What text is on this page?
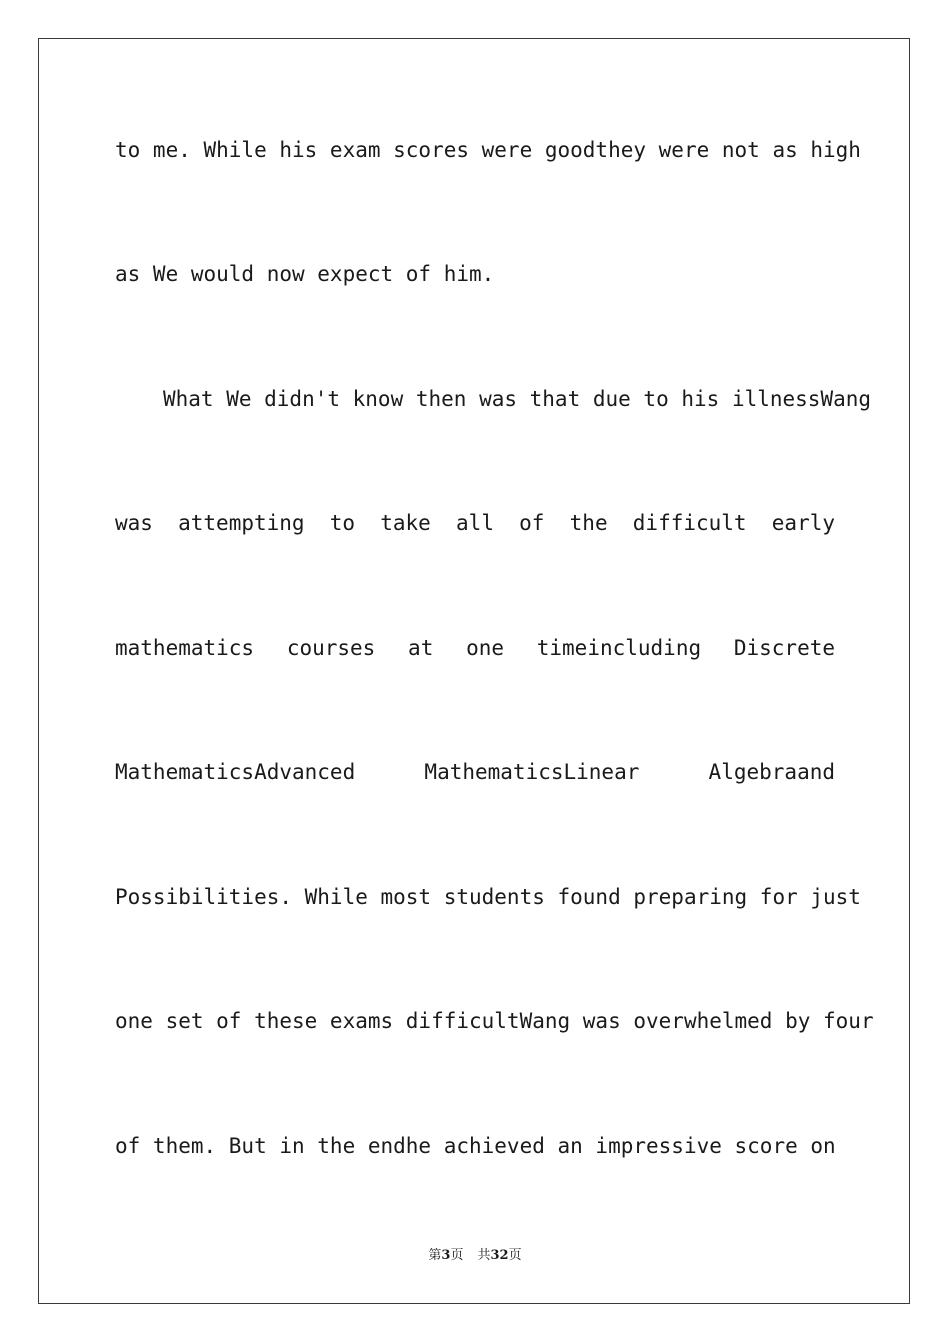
to me. While his exam scores were goodthey were not as high
as We would now expect of him.
What We didn't know then was that due to his illnessWang
was attempting to take all of the difficult early
mathematics courses at one timeincluding Discrete
MathematicsAdvanced MathematicsLinear Algebraand
Possibilities. While most students found preparing for just
one set of these exams difficultWang was overwhelmed by four
of them. But in the endhe achieved an impressive score on
第3页 共32页
